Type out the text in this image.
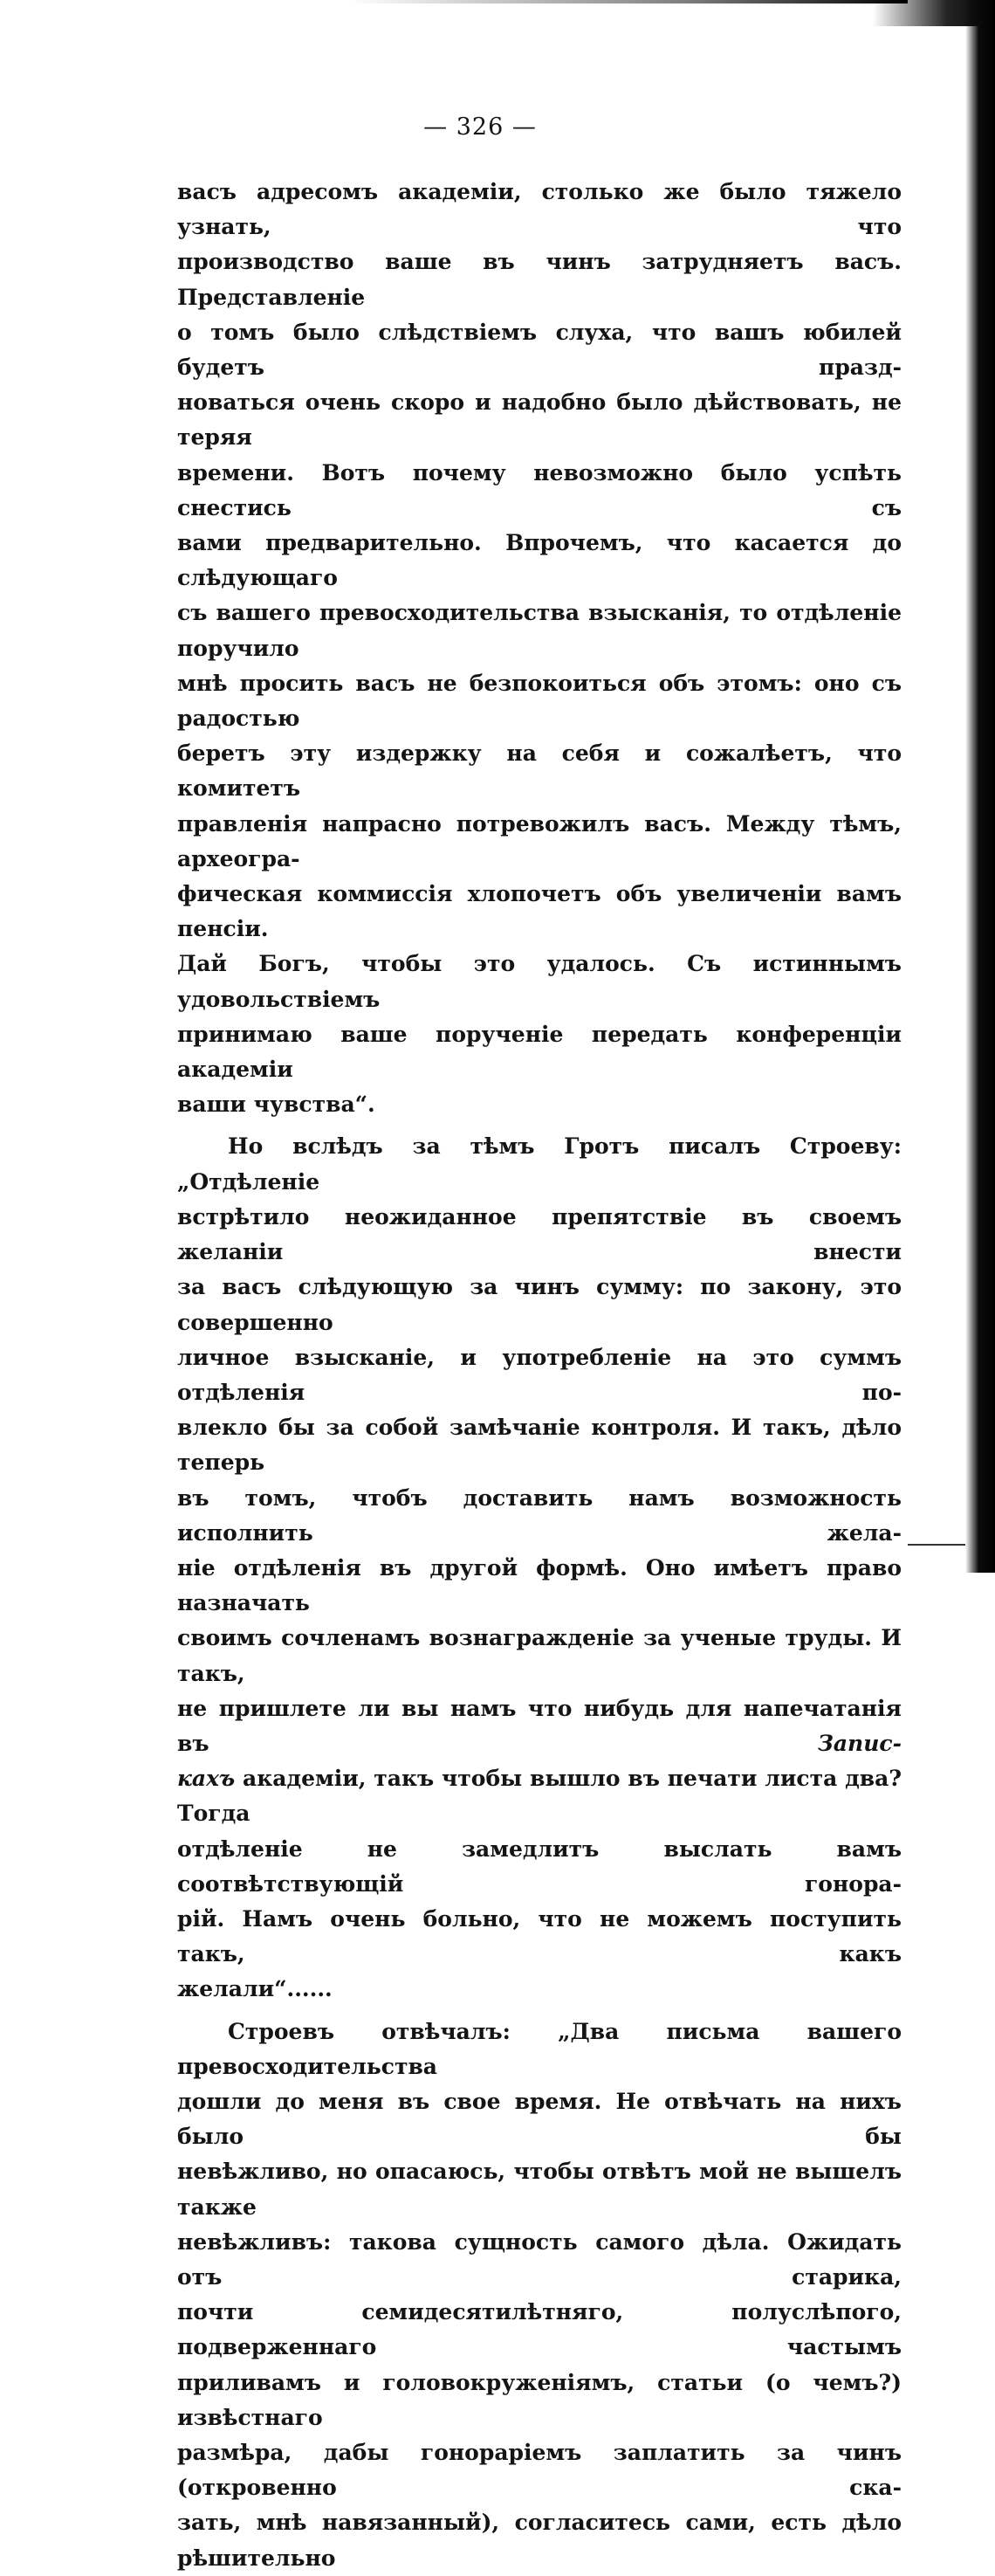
— 326 —

васъ адресомъ академіи, столько же было тяжело узнать, что

производство ваше въ чинъ затрудняетъ васъ. Представленіе

о томъ было слѣдствіемъ слуха, что вашъ юбилей будетъ празд-

новаться очень скоро и надобно было дѣйствовать, не теряя

времени. Вотъ почему невозможно было успѣть снестись съ

вами предварительно. Впрочемъ, что касается до слѣдующаго

съ вашего превосходительства взысканія, то отдѣленіе поручило

мнѣ просить васъ не безпокоиться объ этомъ: оно съ радостью

беретъ эту издержку на себя и сожалѣетъ, что комитетъ

правленія напрасно потревожилъ васъ. Между тѣмъ, археогра-

фическая коммиссія хлопочетъ объ увеличеніи вамъ пенсіи.

Дай Богъ, чтобы это удалось. Съ истиннымъ удовольствіемъ

принимаю ваше порученіе передать конференціи академіи

ваши чувства“.

Но вслѣдъ за тѣмъ Гротъ писалъ Строеву: „Отдѣленіе

встрѣтило неожиданное препятствіе въ своемъ желаніи внести

за васъ слѣдующую за чинъ сумму: по закону, это совершенно

личное взысканіе, и употребленіе на это суммъ отдѣленія по-

влекло бы за собой замѣчаніе контроля. И такъ, дѣло теперь

въ томъ, чтобъ доставить намъ возможность исполнить жела-

ніе отдѣленія въ другой формѣ. Оно имѣетъ право назначать

своимъ сочленамъ вознагражденіе за ученые труды. И такъ,

не пришлете ли вы намъ что нибудь для напечатанія въ	Запис-

кахъ академіи, такъ чтобы вышло въ печати листа два? Тогда

отдѣленіе не замедлитъ выслать вамъ соотвѣтствующій гонора-

рій. Намъ очень больно, что не можемъ поступить такъ, какъ

желали“......

Строевъ отвѣчалъ: „Два письма вашего превосходительства

дошли до меня въ свое время. Не отвѣчать на нихъ было бы

невѣжливо, но опасаюсь, чтобы отвѣтъ мой не вышелъ также

невѣжливъ: такова сущность самого дѣла. Ожидать отъ старика,

почти семидесятилѣтняго, полуслѣпого, подверженнаго частымъ

приливамъ и головокруженіямъ, статьи (о чемъ?) извѣстнаго

размѣра, дабы гонораріемъ заплатить за чинъ (откровенно ска-

зать, мнѣ навязанный), согласитесь сами, есть дѣло рѣшительно
